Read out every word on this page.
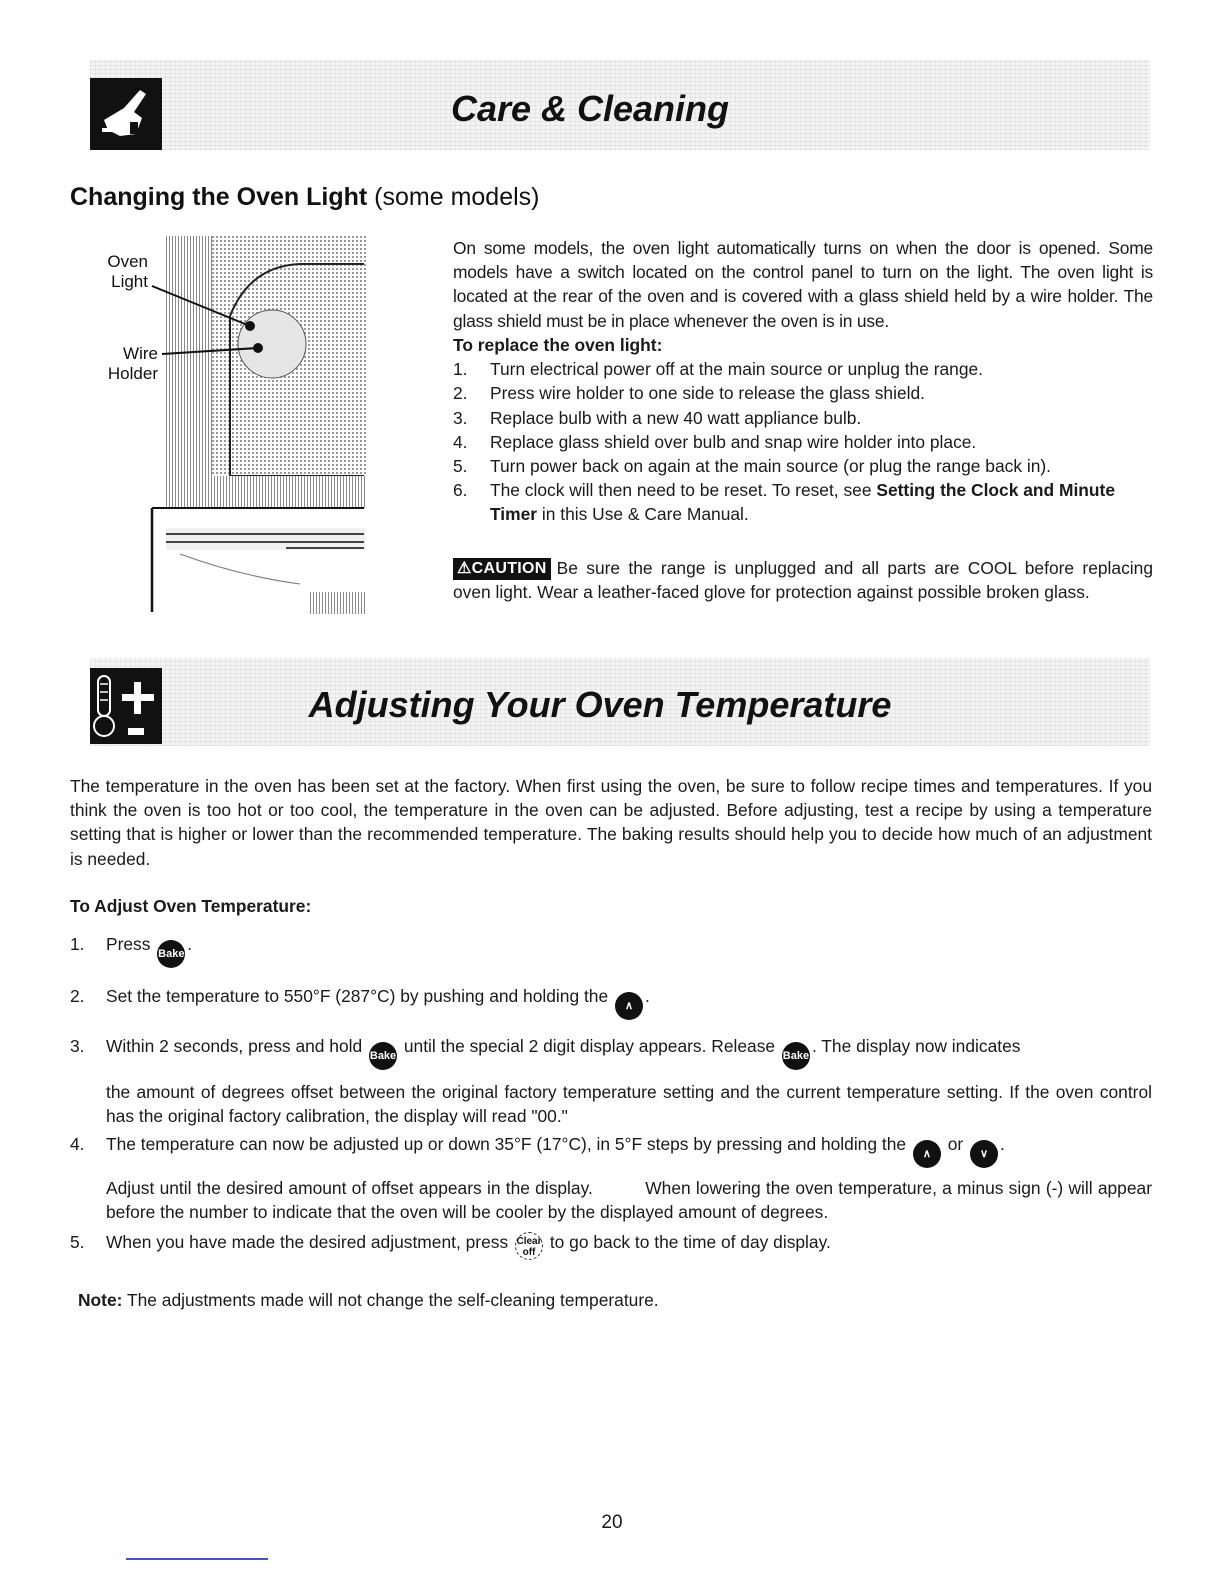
Care & Cleaning
Changing the Oven Light (some models)
Oven
Light
Wire
Holder
On some models, the oven light automatically turns on when the door is opened. Some models have a switch located on the control panel to turn on the light. The oven light is located at the rear of the oven and is covered with a glass shield held by a wire holder. The glass shield must be in place whenever the oven is in use.
To replace the oven light:
1. Turn electrical power off at the main source or unplug the range.
2. Press wire holder to one side to release the glass shield.
3. Replace bulb with a new 40 watt appliance bulb.
4. Replace glass shield over bulb and snap wire holder into place.
5. Turn power back on again at the main source (or plug the range back in).
6. The clock will then need to be reset. To reset, see Setting the Clock and Minute Timer in this Use & Care Manual.
⚠CAUTION Be sure the range is unplugged and all parts are COOL before replacing oven light. Wear a leather-faced glove for protection against possible broken glass.
Adjusting Your Oven Temperature
The temperature in the oven has been set at the factory. When first using the oven, be sure to follow recipe times and temperatures. If you think the oven is too hot or too cool, the temperature in the oven can be adjusted. Before adjusting, test a recipe by using a temperature setting that is higher or lower than the recommended temperature. The baking results should help you to decide how much of an adjustment is needed.
To Adjust Oven Temperature:
1. Press Bake .
2. Set the temperature to 550°F (287°C) by pushing and holding the ∧ .
3. Within 2 seconds, press and hold Bake until the special 2 digit display appears. Release Bake . The display now indicates
the amount of degrees offset between the original factory temperature setting and the current temperature setting. If the oven control has the original factory calibration, the display will read "00."
4. The temperature can now be adjusted up or down 35°F (17°C), in 5°F steps by pressing and holding the ∧ or ∨ .
Adjust until the desired amount of offset appears in the display.          When lowering the oven temperature, a minus sign (-) will appear before the number to indicate that the oven will be cooler by the displayed amount of degrees.
5. When you have made the desired adjustment, press Clear
off to go back to the time of day display.
Note: The adjustments made will not change the self-cleaning temperature.
20
